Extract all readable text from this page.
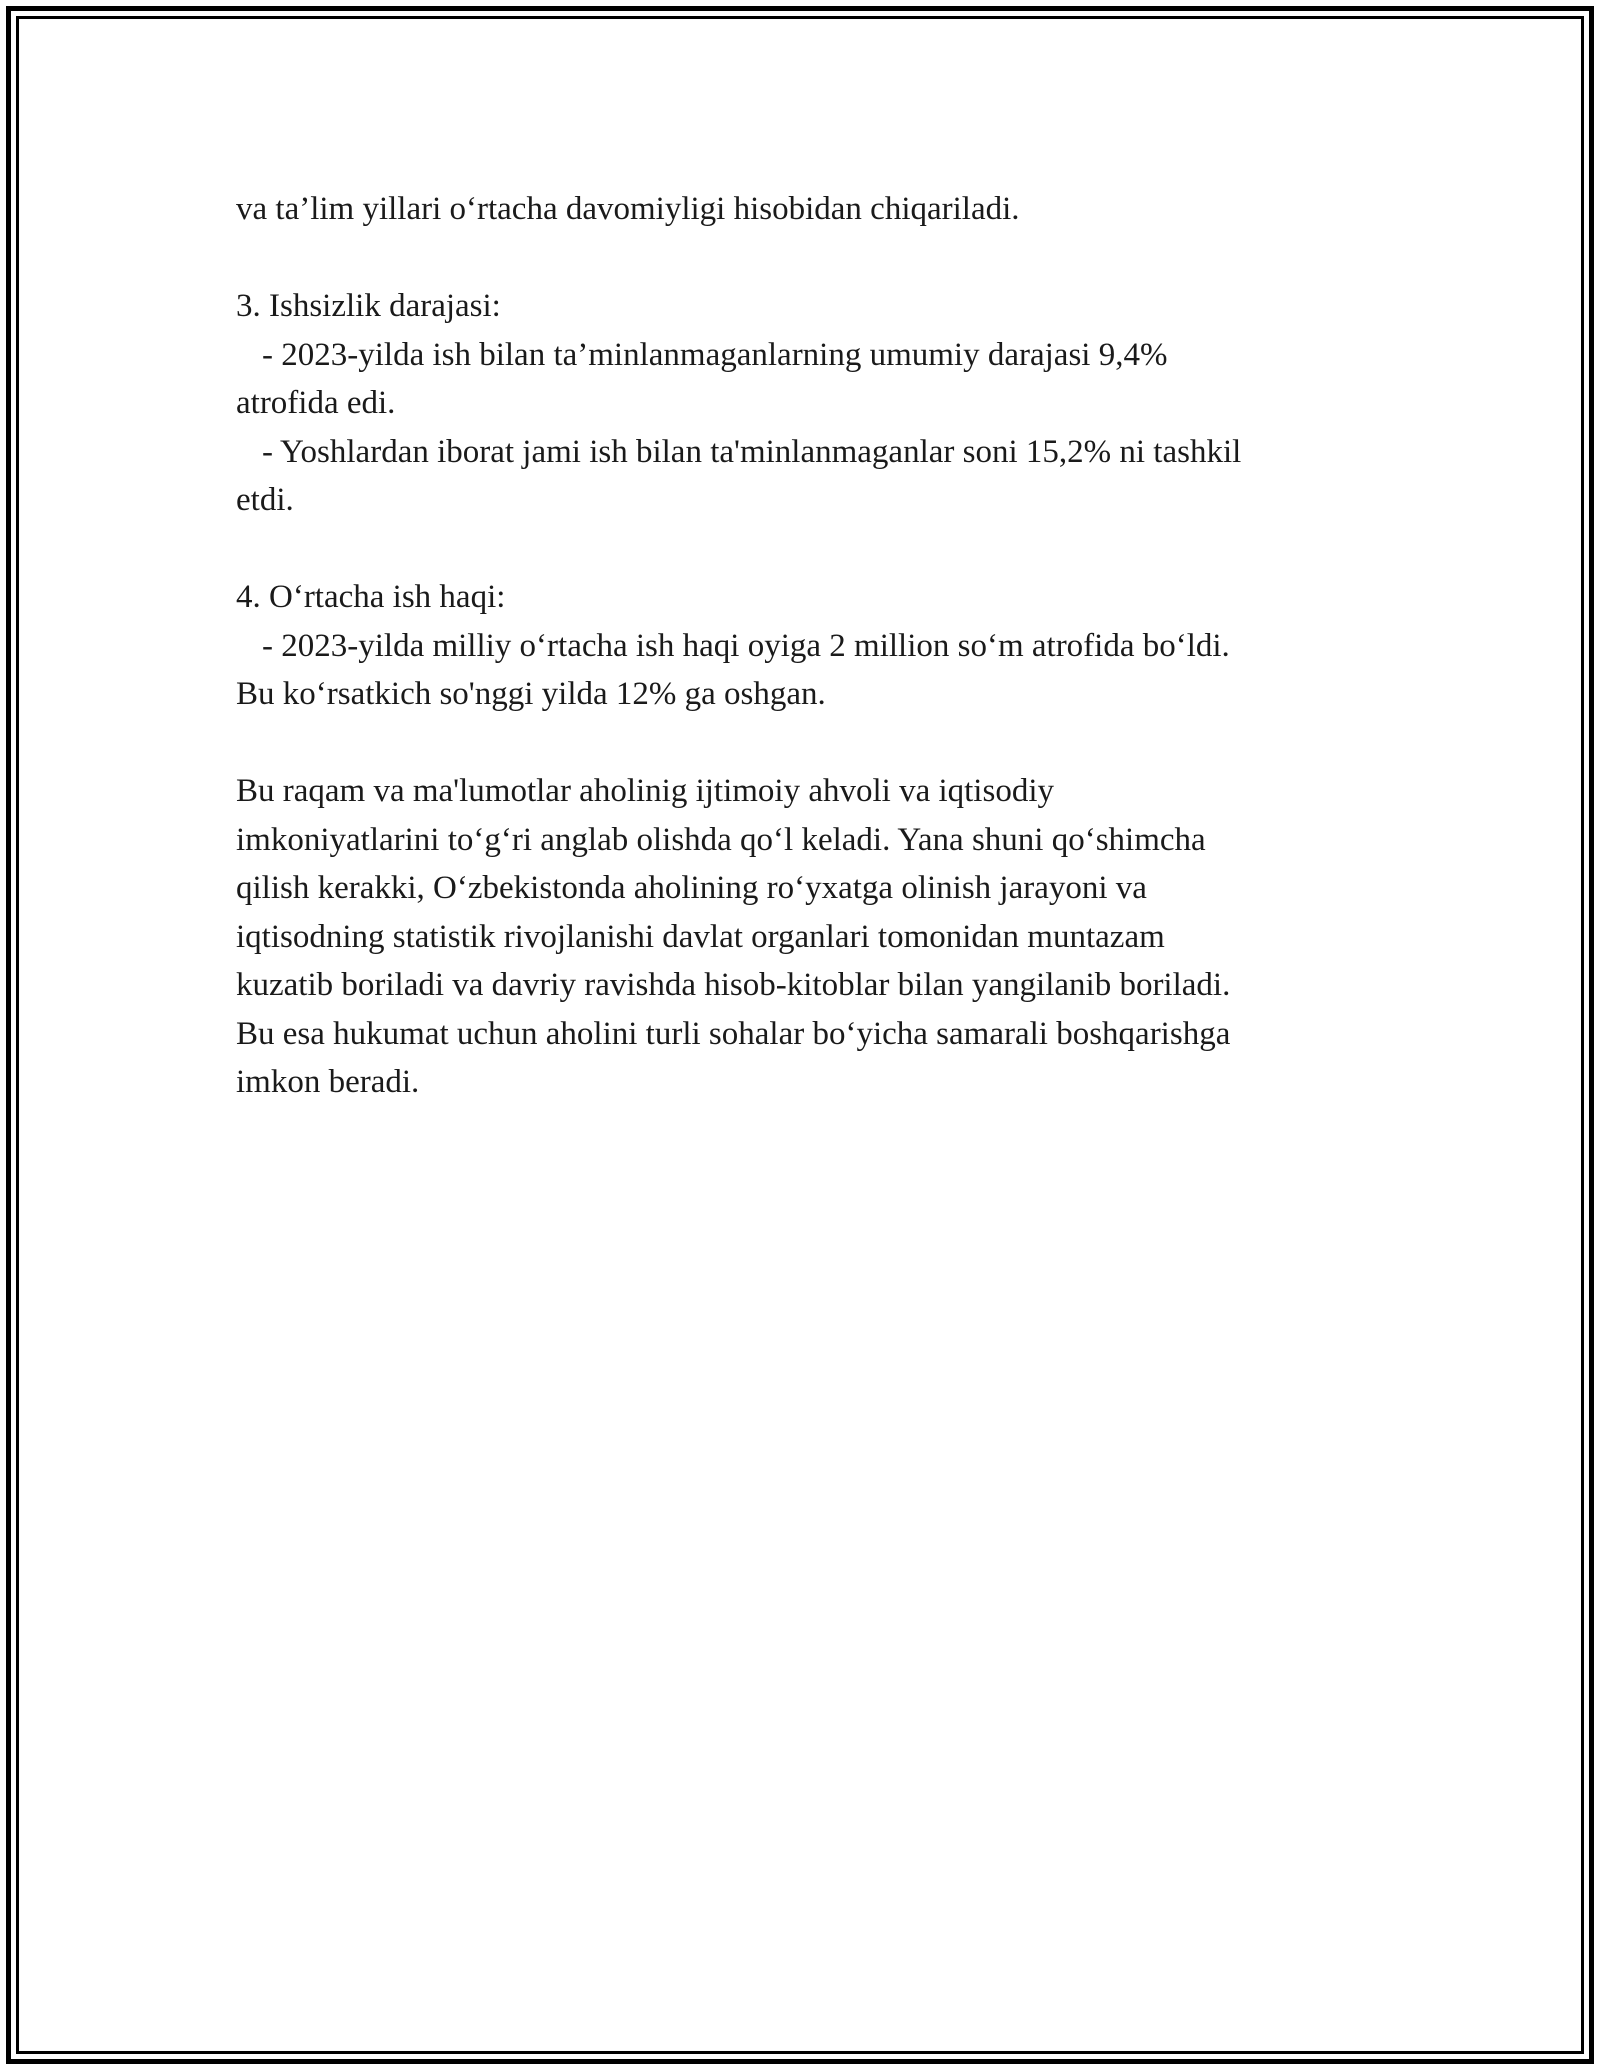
va ta’lim yillari o‘rtacha davomiyligi hisobidan chiqariladi.

3. Ishsizlik darajasi:

- 2023-yilda ish bilan ta’minlanmaganlarning umumiy darajasi 9,4%

atrofida edi.

- Yoshlardan iborat jami ish bilan ta'minlanmaganlar soni 15,2% ni tashkil

etdi.

4. O‘rtacha ish haqi:

- 2023-yilda milliy o‘rtacha ish haqi oyiga 2 million so‘m atrofida bo‘ldi.

Bu ko‘rsatkich so'nggi yilda 12% ga oshgan.

Bu raqam va ma'lumotlar aholinig ijtimoiy ahvoli va iqtisodiy

imkoniyatlarini to‘g‘ri anglab olishda qo‘l keladi. Yana shuni qo‘shimcha

qilish kerakki, O‘zbekistonda aholining ro‘yxatga olinish jarayoni va

iqtisodning statistik rivojlanishi davlat organlari tomonidan muntazam

kuzatib boriladi va davriy ravishda hisob-kitoblar bilan yangilanib boriladi.

Bu esa hukumat uchun aholini turli sohalar bo‘yicha samarali boshqarishga

imkon beradi.
